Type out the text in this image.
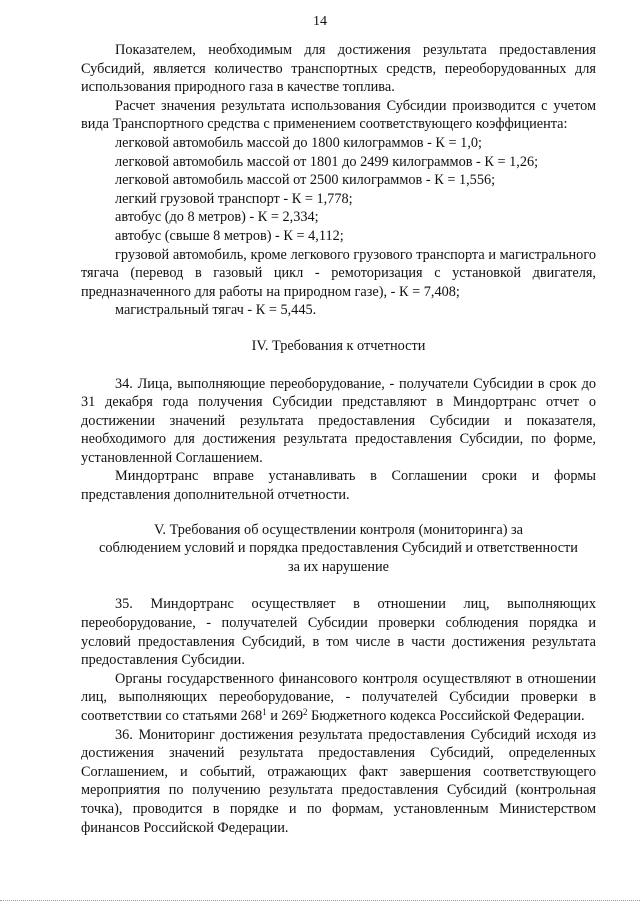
14

Показателем, необходимым для достижения результата предоставления Субсидий, является количество транспортных средств, переоборудованных для использования природного газа в качестве топлива.

Расчет значения результата использования Субсидии производится с учетом вида Транспортного средства с применением соответствующего коэффициента:

легковой автомобиль массой до 1800 килограммов - К = 1,0;

легковой автомобиль массой от 1801 до 2499 килограммов - К = 1,26;

легковой автомобиль массой от 2500 килограммов - К = 1,556;

легкий грузовой транспорт - К = 1,778;

автобус (до 8 метров) - К = 2,334;

автобус (свыше 8 метров) - К = 4,112;

грузовой автомобиль, кроме легкового грузового транспорта и магистрального тягача (перевод в газовый цикл - ремоторизация с установкой двигателя, предназначенного для работы на природном газе), - К = 7,408;

магистральный тягач - К = 5,445.

IV. Требования к отчетности

34. Лица, выполняющие переоборудование, - получатели Субсидии в срок до 31 декабря года получения Субсидии представляют в Миндортранс отчет о достижении значений результата предоставления Субсидии и показателя, необходимого для достижения результата предоставления Субсидии, по форме, установленной Соглашением.

Миндортранс вправе устанавливать в Соглашении сроки и формы представления дополнительной отчетности.

V. Требования об осуществлении контроля (мониторинга) за

соблюдением условий и порядка предоставления Субсидий и ответственности

за их нарушение

35. Миндортранс осуществляет в отношении лиц, выполняющих переоборудование, - получателей Субсидии проверки соблюдения порядка и условий предоставления Субсидий, в том числе в части достижения результата предоставления Субсидии.

Органы государственного финансового контроля осуществляют в отношении лиц, выполняющих переоборудование, - получателей Субсидии проверки в соответствии со статьями $268^1$ и $269^2$ Бюджетного кодекса Российской Федерации.

36. Мониторинг достижения результата предоставления Субсидий исходя из достижения значений результата предоставления Субсидий, определенных Соглашением, и событий, отражающих факт завершения соответствующего мероприятия по получению результата предоставления Субсидий (контрольная точка), проводится в порядке и по формам, установленным Министерством финансов Российской Федерации.
